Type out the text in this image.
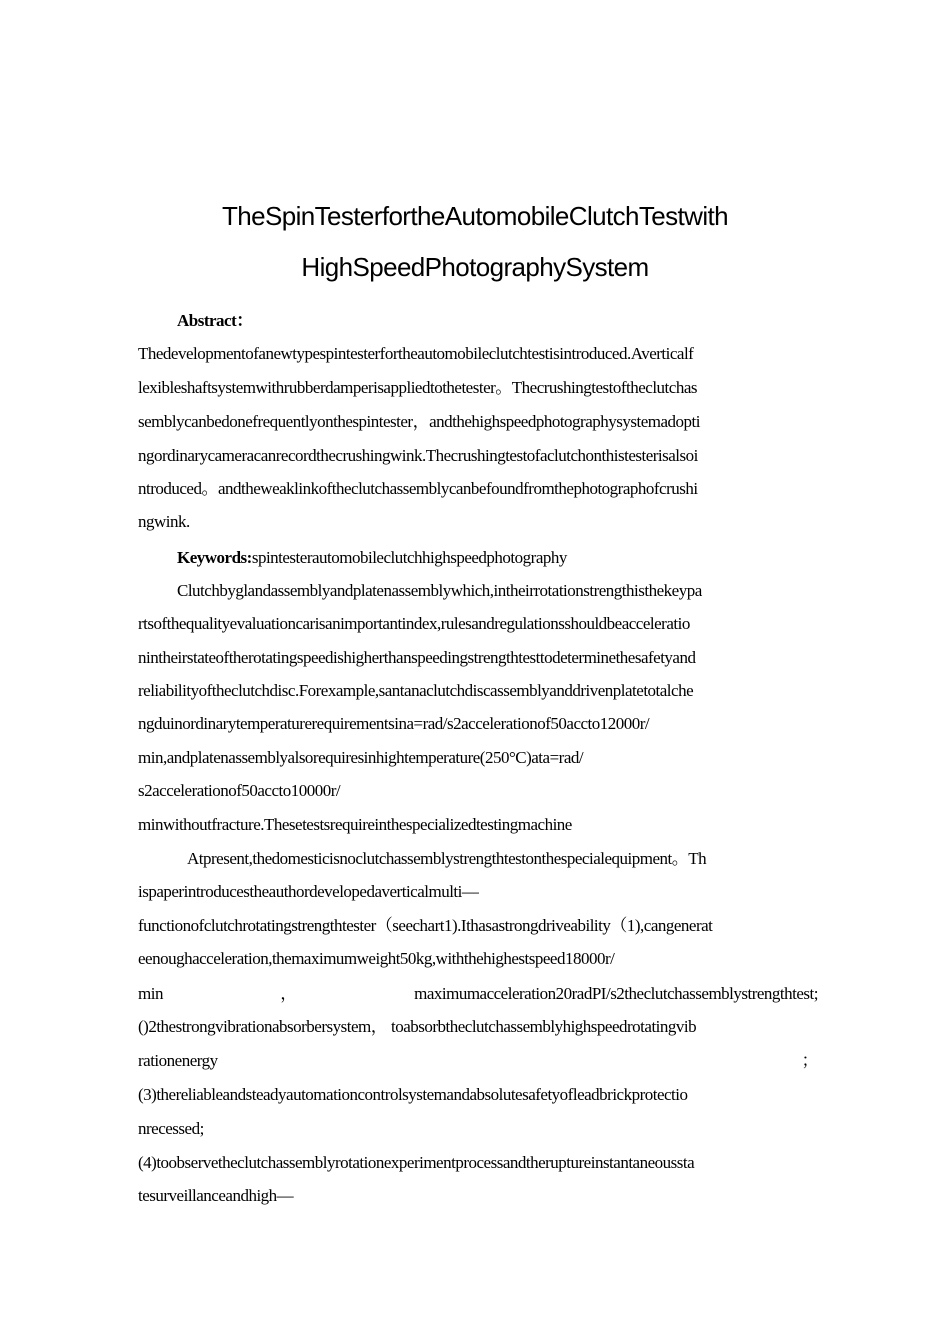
TheSpinTesterfortheAutomobileClutchTestwith
HighSpeedPhotographySystem
Abstract：
Thedevelopmentofanewtypespintesterfortheautomobileclutchtestisintroduced.Averticalf
lexibleshaftsystemwithrubberdamperisappliedtothetester。Thecrushingtestoftheclutchas
semblycanbedonefrequentlyonthespintester，andthehighspeedphotographysystemadopti
ngordinarycameracanrecordthecrushingwink.Thecrushingtestofaclutchonthistesterisalsoi
ntroduced。andtheweaklinkoftheclutchassemblycanbefoundfromthephotographofcrushi
ngwink.
Keywords:spintesterautomobileclutchhighspeedphotography
Clutchbyglandassemblyandplatenassemblywhich,intheirrotationstrengthisthekeypa
rtsofthequalityevaluationcarisanimportantindex,rulesandregulationsshouldbeacceleratio
nintheirstateoftherotatingspeedishigherthanspeedingstrengthtesttodeterminethesafetyand
reliabilityoftheclutchdisc.Forexample,santanaclutchdiscassemblyanddrivenplatetotalche
ngduinordinarytemperaturerequirementsina=rad/s2accelerationof50accto12000r/
min,andplatenassemblyalsorequiresinhightemperature(250°C)ata=rad/
s2accelerationof50accto10000r/
minwithoutfracture.Thesetestsrequireinthespecializedtestingmachine
Atpresent,thedomesticisnoclutchassemblystrengthteston​thespecialequipment。Th
ispaperintroducestheauthordevelopedaverticalmulti—
functionofclutchrotatingstrengthtester（seechart1).Ithasastrongdriveability（1),cangenerat
eenoughacceleration,themaximumweight50kg,withthehighestspeed18000r/
min	，	maximumacceleration20radPI/s2theclutchassemblystrengthtest;
()2thestrongvibrationabsorbersystem， toabsorbtheclutchassemblyhighspeedrotatingvib
rationenergy	；
(3)thereliableandsteadyautomationcontrolsystemandabsolutesafetyofleadbrickprotectio
nrecessed;
(4)toobservetheclutchassemblyrotationexperimentprocessandtheruptureinstantaneoussta
tesurveillanceandhigh—
